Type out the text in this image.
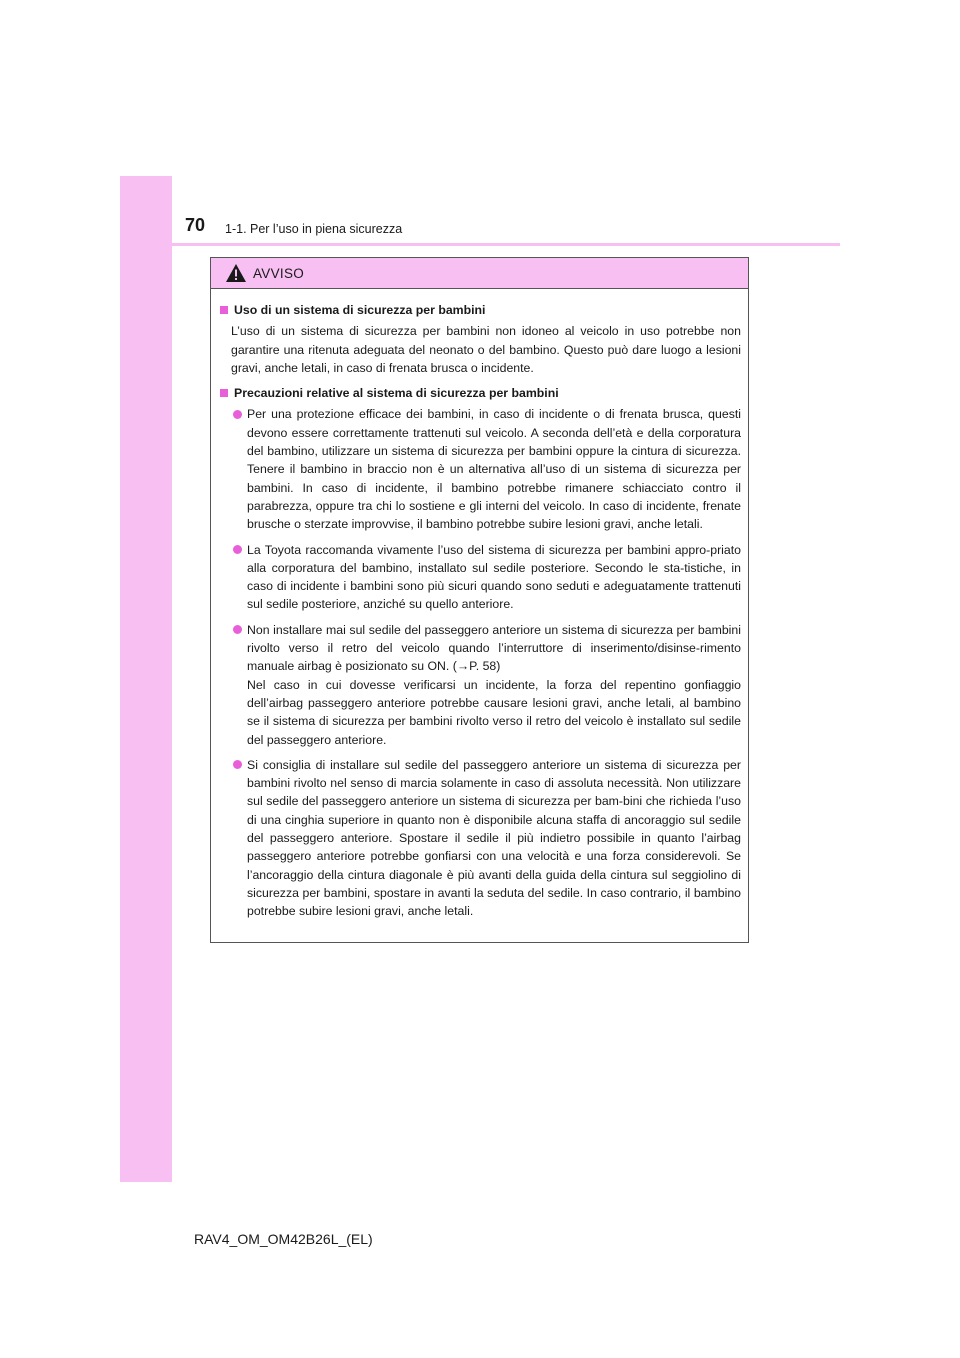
70 1-1. Per l’uso in piena sicurezza
AVVISO
Uso di un sistema di sicurezza per bambini
L’uso di un sistema di sicurezza per bambini non idoneo al veicolo in uso potrebbe non garantire una ritenuta adeguata del neonato o del bambino. Questo può dare luogo a lesioni gravi, anche letali, in caso di frenata brusca o incidente.
Precauzioni relative al sistema di sicurezza per bambini
Per una protezione efficace dei bambini, in caso di incidente o di frenata brusca, questi devono essere correttamente trattenuti sul veicolo. A seconda dell’età e della corporatura del bambino, utilizzare un sistema di sicurezza per bambini oppure la cintura di sicurezza. Tenere il bambino in braccio non è un alternativa all’uso di un sistema di sicurezza per bambini. In caso di incidente, il bambino potrebbe rimanere schiacciato contro il parabrezza, oppure tra chi lo sostiene e gli interni del veicolo. In caso di incidente, frenate brusche o sterzate improvvise, il bambino potrebbe subire lesioni gravi, anche letali.
La Toyota raccomanda vivamente l’uso del sistema di sicurezza per bambini appro-priato alla corporatura del bambino, installato sul sedile posteriore. Secondo le sta-tistiche, in caso di incidente i bambini sono più sicuri quando sono seduti e adeguatamente trattenuti sul sedile posteriore, anziché su quello anteriore.
Non installare mai sul sedile del passeggero anteriore un sistema di sicurezza per bambini rivolto verso il retro del veicolo quando l’interruttore di inserimento/disinse-rimento manuale airbag è posizionato su ON. (→P. 58)
Nel caso in cui dovesse verificarsi un incidente, la forza del repentino gonfiaggio dell’airbag passeggero anteriore potrebbe causare lesioni gravi, anche letali, al bambino se il sistema di sicurezza per bambini rivolto verso il retro del veicolo è installato sul sedile del passeggero anteriore.
Si consiglia di installare sul sedile del passeggero anteriore un sistema di sicurezza per bambini rivolto nel senso di marcia solamente in caso di assoluta necessità. Non utilizzare sul sedile del passeggero anteriore un sistema di sicurezza per bam-bini che richieda l’uso di una cinghia superiore in quanto non è disponibile alcuna staffa di ancoraggio sul sedile del passeggero anteriore. Spostare il sedile il più indietro possibile in quanto l’airbag passeggero anteriore potrebbe gonfiarsi con una velocità e una forza considerevoli. Se l’ancoraggio della cintura diagonale è più avanti della guida della cintura sul seggiolino di sicurezza per bambini, spostare in avanti la seduta del sedile. In caso contrario, il bambino potrebbe subire lesioni gravi, anche letali.
RAV4_OM_OM42B26L_(EL)
